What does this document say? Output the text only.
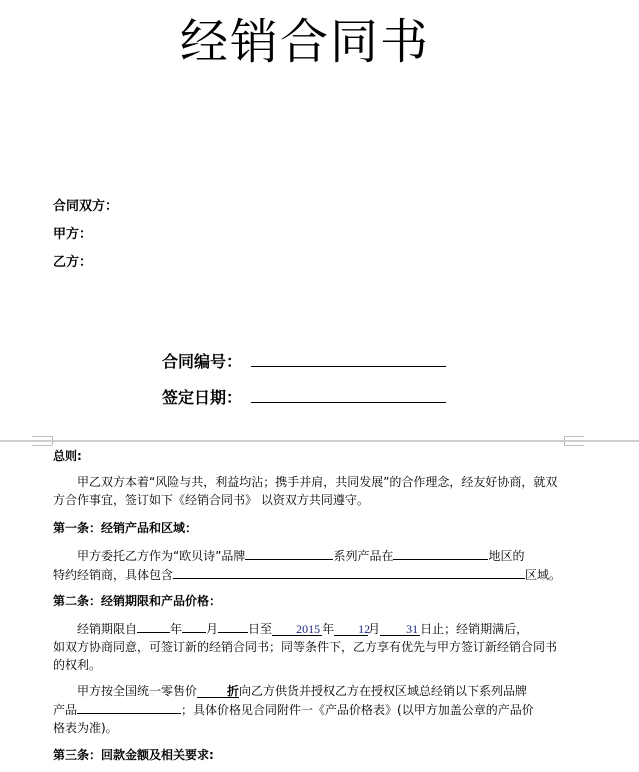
经销合同书
合同双方：
甲方：
乙方：
合同编号：
签定日期：
总则:

甲乙双方本着“风险与共，利益均沾；携手并肩，共同发展”的合作理念，经友好协商，就双方合作事宜，签订如下《经销合同书》 以资双方共同遵守。

第一条：经销产品和区域：
甲方委托乙方作为“欧贝诗”品牌	系列产品在	地区的
特约经销商，具体包含	区域。
第二条：经销期限和产品价格：
经销期限自	年 月	日至 2015 年 12月 31 日止；经销期满后，
如双方协商同意，可签订新的经销合同书；同等条件下，乙方享有优先与甲方签订新经销合同书的权利。
甲方按全国统一零售价 折向乙方供货并授权乙方在授权区域总经销以下系列品牌
产品	；具体价格见合同附件一《产品价格表》(以甲方加盖公章的产品价
格表为准)。
第三条：回款金额及相关要求:
